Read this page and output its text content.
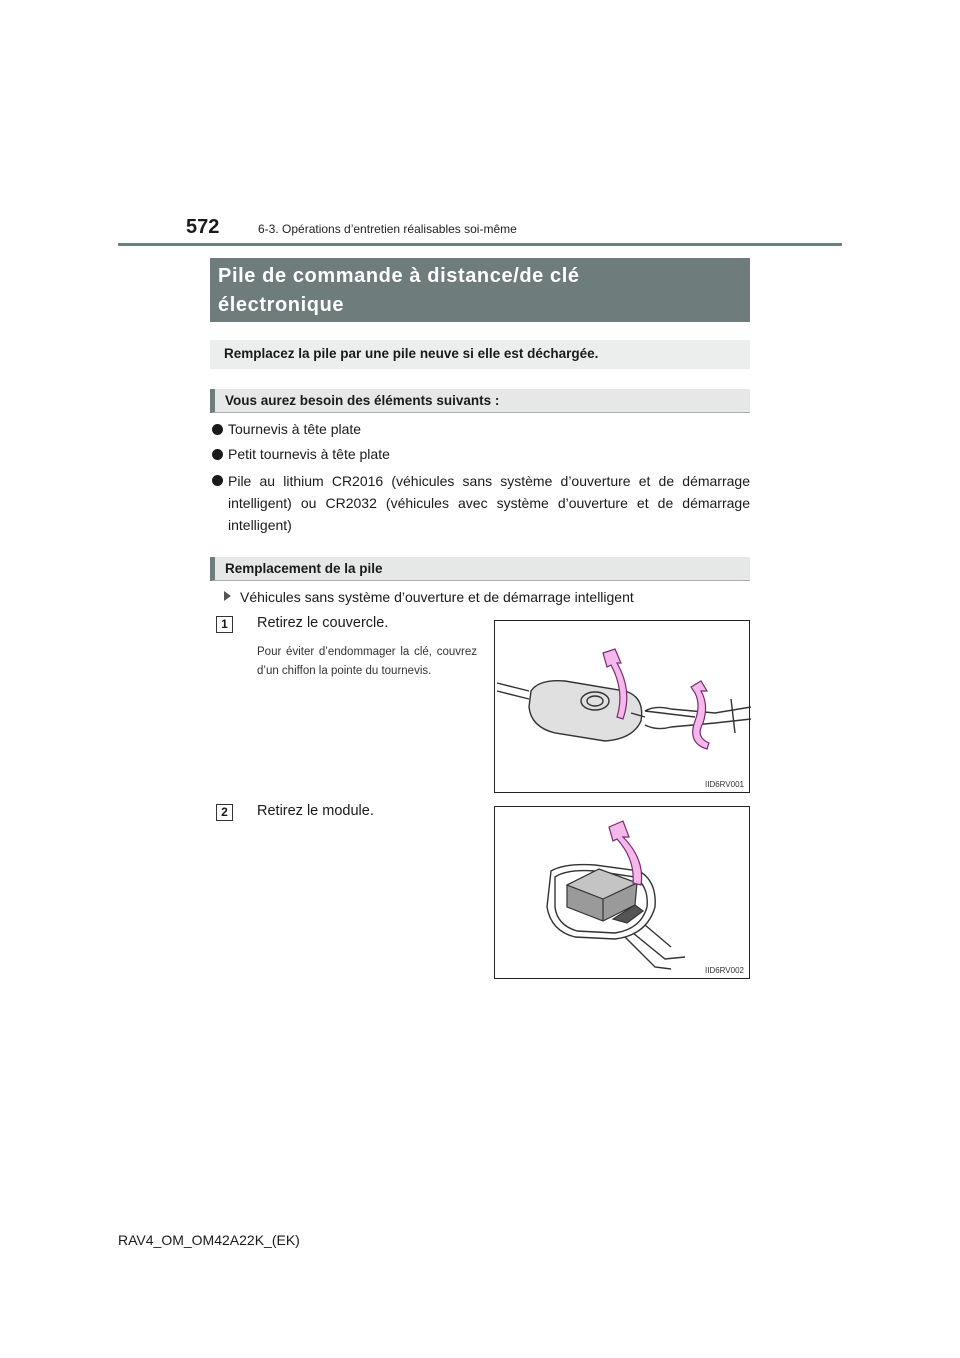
572	6-3. Opérations d’entretien réalisables soi-même
Pile de commande à distance/de clé
électronique
Remplacez la pile par une pile neuve si elle est déchargée.
Vous aurez besoin des éléments suivants :
Tournevis à tête plate
Petit tournevis à tête plate
Pile au lithium CR2016 (véhicules sans système d’ouverture et de démarrage intelligent) ou CR2032 (véhicules avec système d’ouverture et de démarrage intelligent)
Remplacement de la pile
Véhicules sans système d’ouverture et de démarrage intelligent
1	Retirez le couvercle.
Pour éviter d’endommager la clé, couvrez d’un chiffon la pointe du tournevis.
IID6RV001
2	Retirez le module.
IID6RV002
RAV4_OM_OM42A22K_(EK)
